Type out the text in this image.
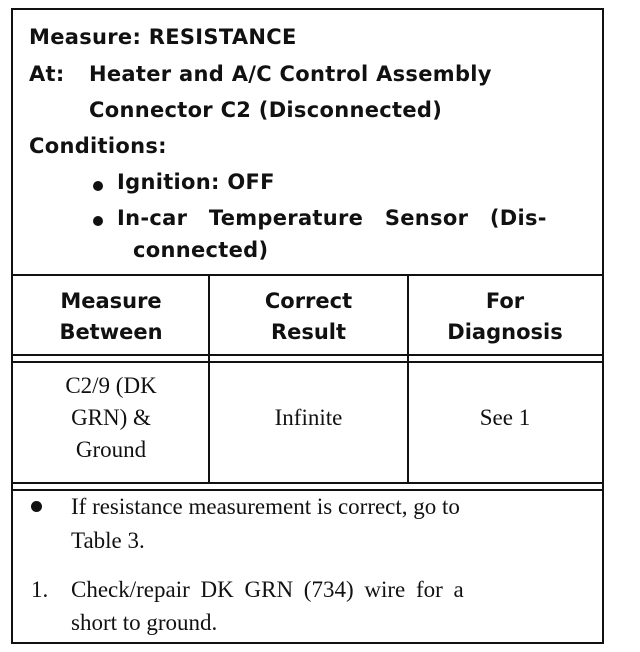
Measure: RESISTANCE
At: Heater and A/C Control Assembly
Connector C2 (Disconnected)
Conditions:
Ignition: OFF
In-car Temperature Sensor (Dis-
connected)
Measure
Between
Correct
Result
For
Diagnosis
C2/9 (DK
GRN) &
Ground
Infinite	See 1
If resistance measurement is correct, go to
Table 3.
1. Check/repair DK GRN (734) wire for a
short to ground.
